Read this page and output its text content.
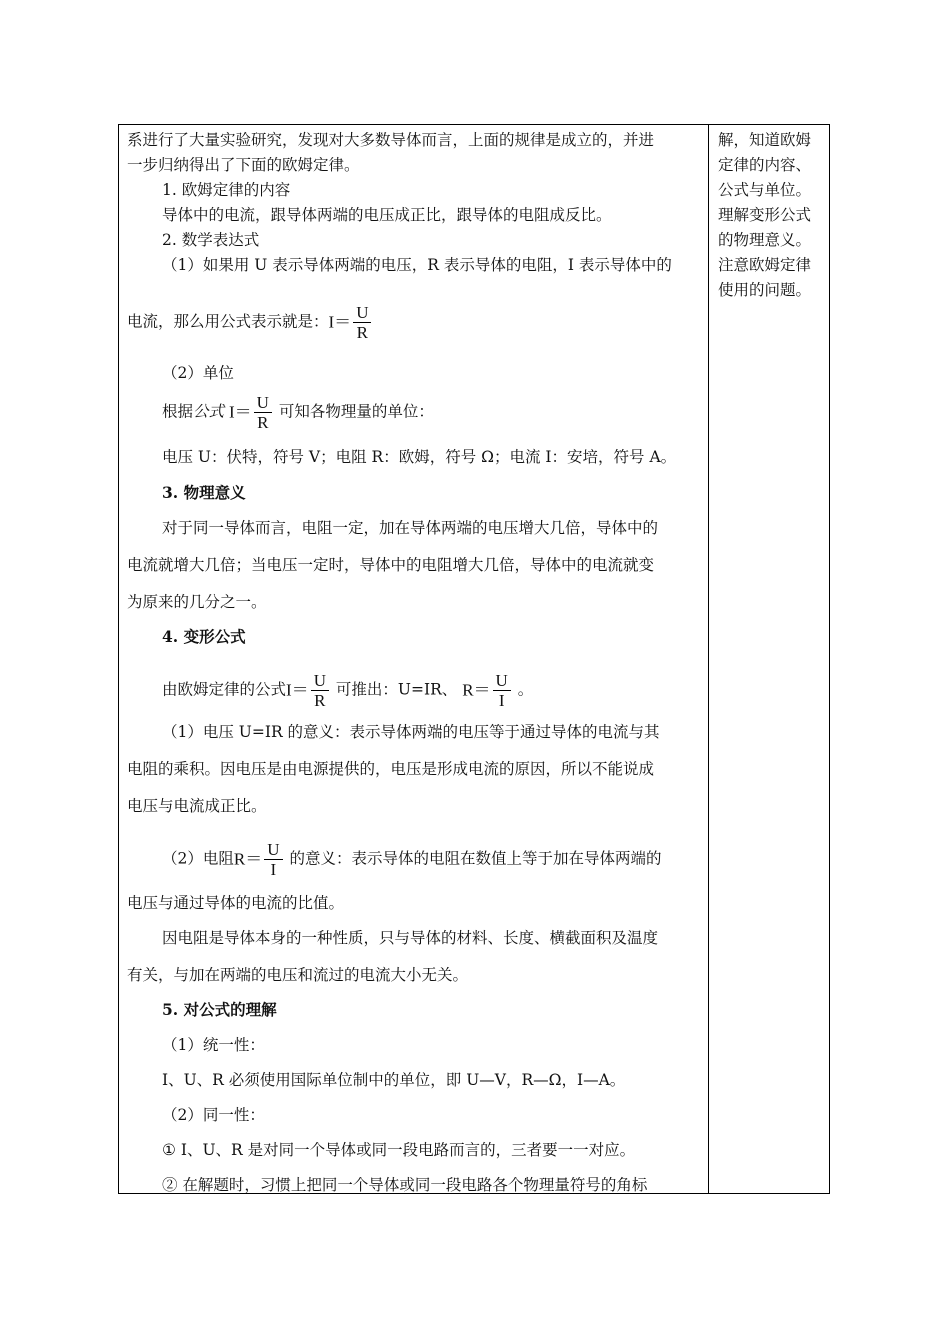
系进行了大量实验研究，发现对大多数导体而言，上面的规律是成立的，并进
一步归纳得出了下面的欧姆定律。
1. 欧姆定律的内容
导体中的电流，跟导体两端的电压成正比，跟导体的电阻成反比。
2. 数学表达式
（1）如果用 U 表示导体两端的电压，R 表示导体的电阻，I 表示导体中的
电流，那么用公式表示就是：$I= \frac{U}{R}$
（2）单位
根据公式 $I= \frac{U}{R}$ 可知各物理量的单位：
电压 U：伏特，符号 V；电阻 R：欧姆，符号 Ω；电流 I：安培，符号 A。
3. 物理意义
对于同一导体而言，电阻一定，加在导体两端的电压增大几倍，导体中的
电流就增大几倍；当电压一定时，导体中的电阻增大几倍，导体中的电流就变
为原来的几分之一。
4. 变形公式
由欧姆定律的公式$I= \frac{U}{R}$ 可推出：U=IR、 $R= \frac{U}{I}$ 。
（1）电压 U=IR 的意义：表示导体两端的电压等于通过导体的电流与其
电阻的乘积。因电压是由电源提供的，电压是形成电流的原因，所以不能说成
电压与电流成正比。
（2）电阻$R= \frac{U}{I}$ 的意义：表示导体的电阻在数值上等于加在导体两端的
电压与通过导体的电流的比值。
因电阻是导体本身的一种性质，只与导体的材料、长度、横截面积及温度
有关，与加在两端的电压和流过的电流大小无关。
5. 对公式的理解
（1）统一性：
I、U、R 必须使用国际单位制中的单位，即 U—V，R—Ω，I—A。
（2）同一性：
① I、U、R 是对同一个导体或同一段电路而言的，三者要一一对应。
② 在解题时，习惯上把同一个导体或同一段电路各个物理量符号的角标
解，知道欧姆
定律的内容、
公式与单位。
理解变形公式
的物理意义。
注意欧姆定律
使用的问题。
